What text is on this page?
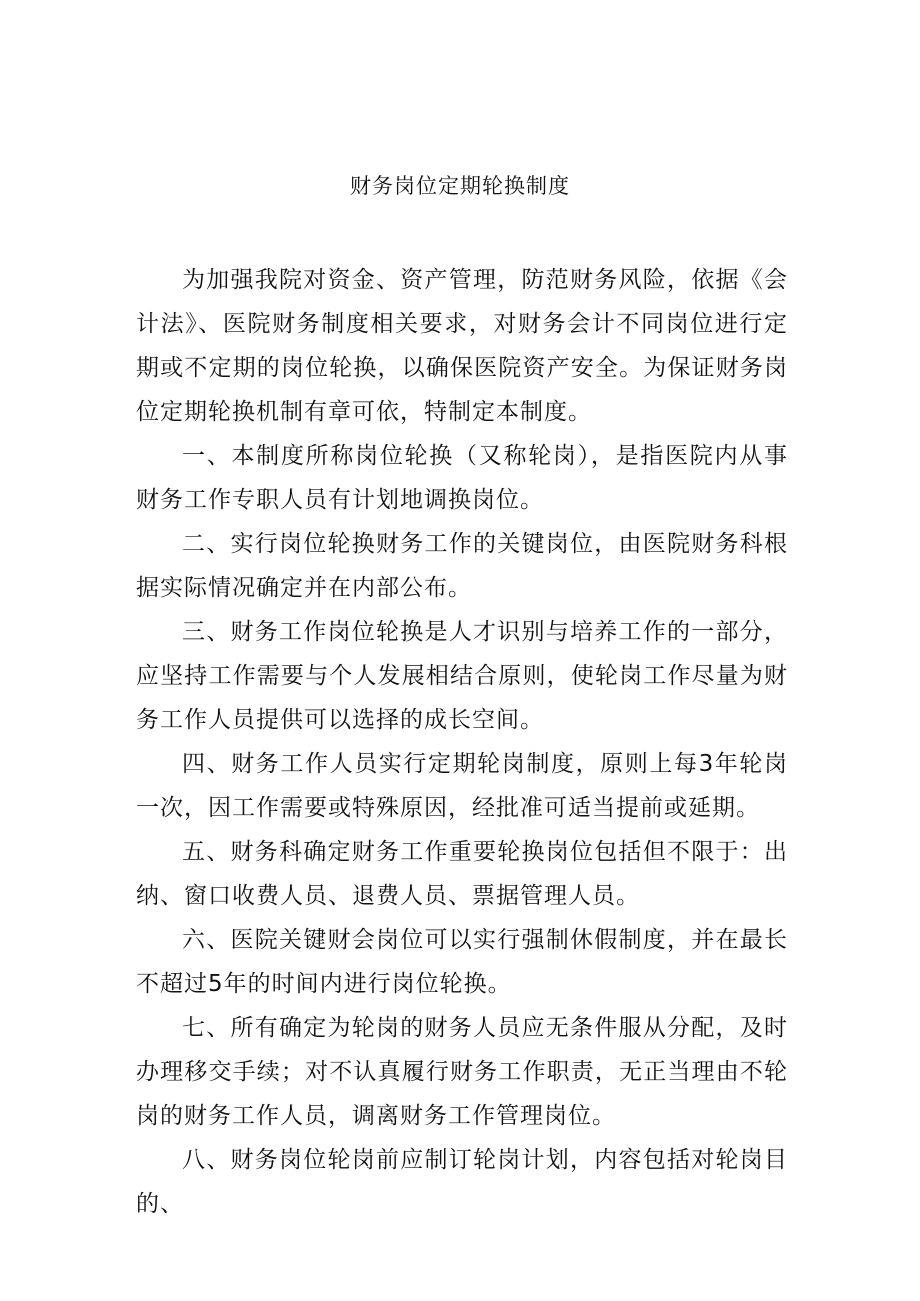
财务岗位定期轮换制度

为加强我院对资金、资产管理，防范财务风险，依据《会计法》、医院财务制度相关要求，对财务会计不同岗位进行定期或不定期的岗位轮换，以确保医院资产安全。为保证财务岗位定期轮换机制有章可依，特制定本制度。

一、本制度所称岗位轮换（又称轮岗），是指医院内从事财务工作专职人员有计划地调换岗位。

二、实行岗位轮换财务工作的关键岗位，由医院财务科根据实际情况确定并在内部公布。

三、财务工作岗位轮换是人才识别与培养工作的一部分，应坚持工作需要与个人发展相结合原则，使轮岗工作尽量为财务工作人员提供可以选择的成长空间。

四、财务工作人员实行定期轮岗制度，原则上每3年轮岗一次，因工作需要或特殊原因，经批准可适当提前或延期。

五、财务科确定财务工作重要轮换岗位包括但不限于：出纳、窗口收费人员、退费人员、票据管理人员。

六、医院关键财会岗位可以实行强制休假制度，并在最长不超过5年的时间内进行岗位轮换。

七、所有确定为轮岗的财务人员应无条件服从分配，及时办理移交手续；对不认真履行财务工作职责，无正当理由不轮岗的财务工作人员，调离财务工作管理岗位。

八、财务岗位轮岗前应制订轮岗计划，内容包括对轮岗目的、
